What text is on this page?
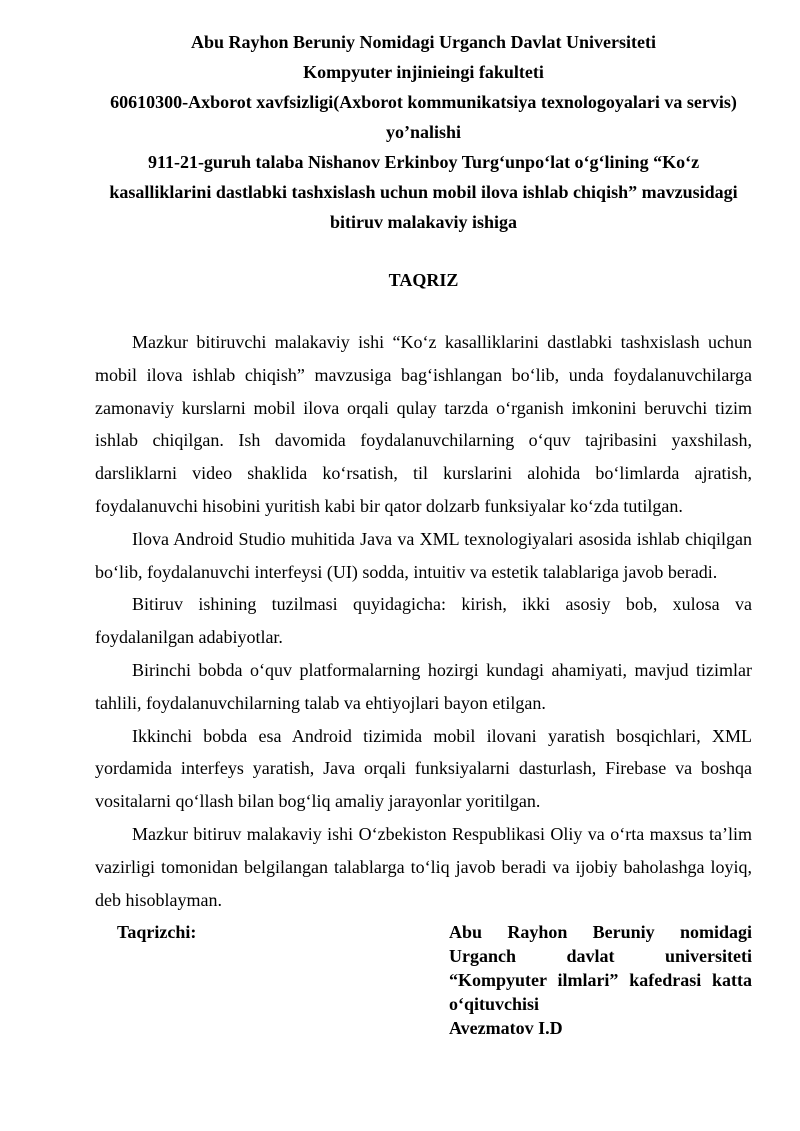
Abu Rayhon Beruniy Nomidagi Urganch Davlat Universiteti

Kompyuter injinieingi fakulteti

60610300-Axborot xavfsizligi(Axborot kommunikatsiya texnologoyalari va servis)

yo’nalishi

911-21-guruh talaba Nishanov Erkinboy Turg‘unpo‘lat o‘g‘lining “Ko‘z

kasalliklarini dastlabki tashxislash uchun mobil ilova ishlab chiqish” mavzusidagi

bitiruv malakaviy ishiga

TAQRIZ

Mazkur bitiruvchi malakaviy ishi “Ko‘z kasalliklarini dastlabki tashxislash uchun mobil ilova ishlab chiqish” mavzusiga bag‘ishlangan bo‘lib, unda foydalanuvchilarga zamonaviy kurslarni mobil ilova orqali qulay tarzda o‘rganish imkonini beruvchi tizim ishlab chiqilgan. Ish davomida foydalanuvchilarning o‘quv tajribasini yaxshilash, darsliklarni video shaklida ko‘rsatish, til kurslarini alohida bo‘limlarda ajratish, foydalanuvchi hisobini yuritish kabi bir qator dolzarb funksiyalar ko‘zda tutilgan.

Ilova Android Studio muhitida Java va XML texnologiyalari asosida ishlab chiqilgan bo‘lib, foydalanuvchi interfeysi (UI) sodda, intuitiv va estetik talablariga javob beradi.

Bitiruv ishining tuzilmasi quyidagicha: kirish, ikki asosiy bob, xulosa va foydalanilgan adabiyotlar.

Birinchi bobda o‘quv platformalarning hozirgi kundagi ahamiyati, mavjud tizimlar tahlili, foydalanuvchilarning talab va ehtiyojlari bayon etilgan.

Ikkinchi bobda esa Android tizimida mobil ilovani yaratish bosqichlari, XML yordamida interfeys yaratish, Java orqali funksiyalarni dasturlash, Firebase va boshqa vositalarni qo‘llash bilan bog‘liq amaliy jarayonlar yoritilgan.

Mazkur bitiruv malakaviy ishi O‘zbekiston Respublikasi Oliy va o‘rta maxsus ta’lim vazirligi tomonidan belgilangan talablarga to‘liq javob beradi va ijobiy baholashga loyiq, deb hisoblayman.

Taqrizchi:	Abu Rayhon Beruniy nomidagi Urganch davlat universiteti “Kompyuter ilmlari” kafedrasi katta o‘qituvchisi
Avezmatov I.D
